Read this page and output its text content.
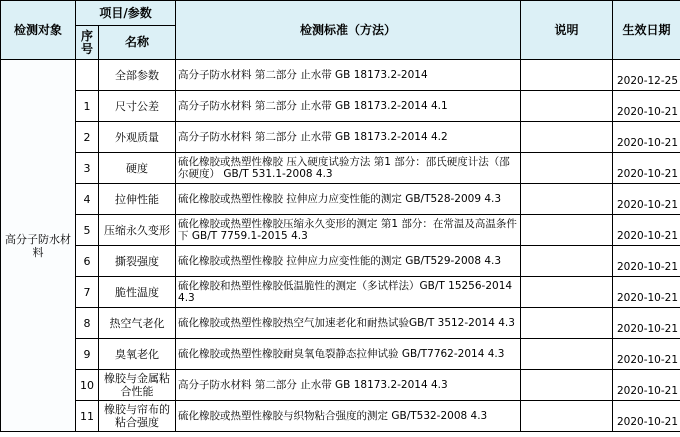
检测对象	项目/参数		检测标准（方法）	说明	生效日期
	序号	名称			
高分子防水材料		全部参数	高分子防水材料 第二部分 止水带 GB 18173.2-2014		2020-12-25
	1	尺寸公差	高分子防水材料 第二部分 止水带 GB 18173.2-2014 4.1		2020-10-21
	2	外观质量	高分子防水材料 第二部分 止水带 GB 18173.2-2014 4.2		2020-10-21
	3	硬度	硫化橡胶或热塑性橡胶 压入硬度试验方法 第1 部分：邵氏硬度计法（邵尔硬度） GB/T 531.1-2008 4.3		2020-10-21
	4	拉伸性能	硫化橡胶或热塑性橡胶 拉伸应力应变性能的测定 GB/T528-2009 4.3		2020-10-21
	5	压缩永久变形	硫化橡胶或热塑性橡胶压缩永久变形的测定 第1 部分：在常温及高温条件下 GB/T 7759.1-2015 4.3		2020-10-21
	6	撕裂强度	硫化橡胶或热塑性橡胶 拉伸应力应变性能的测定 GB/T529-2008 4.3		2020-10-21
	7	脆性温度	硫化橡胶和热塑性橡胶低温脆性的测定（多试样法）GB/T 15256-2014 4.3		2020-10-21
	8	热空气老化	硫化橡胶或热塑性橡胶热空气加速老化和耐热试验GB/T 3512-2014 4.3		2020-10-21
	9	臭氧老化	硫化橡胶或热塑性橡胶耐臭氧龟裂静态拉伸试验 GB/T7762-2014 4.3		2020-10-21
	10	橡胶与金属粘合性能	高分子防水材料 第二部分 止水带 GB 18173.2-2014 4.3		2020-10-21
	11	橡胶与帘布的粘合强度	硫化橡胶或热塑性橡胶与织物粘合强度的测定 GB/T532-2008 4.3		2020-10-21
